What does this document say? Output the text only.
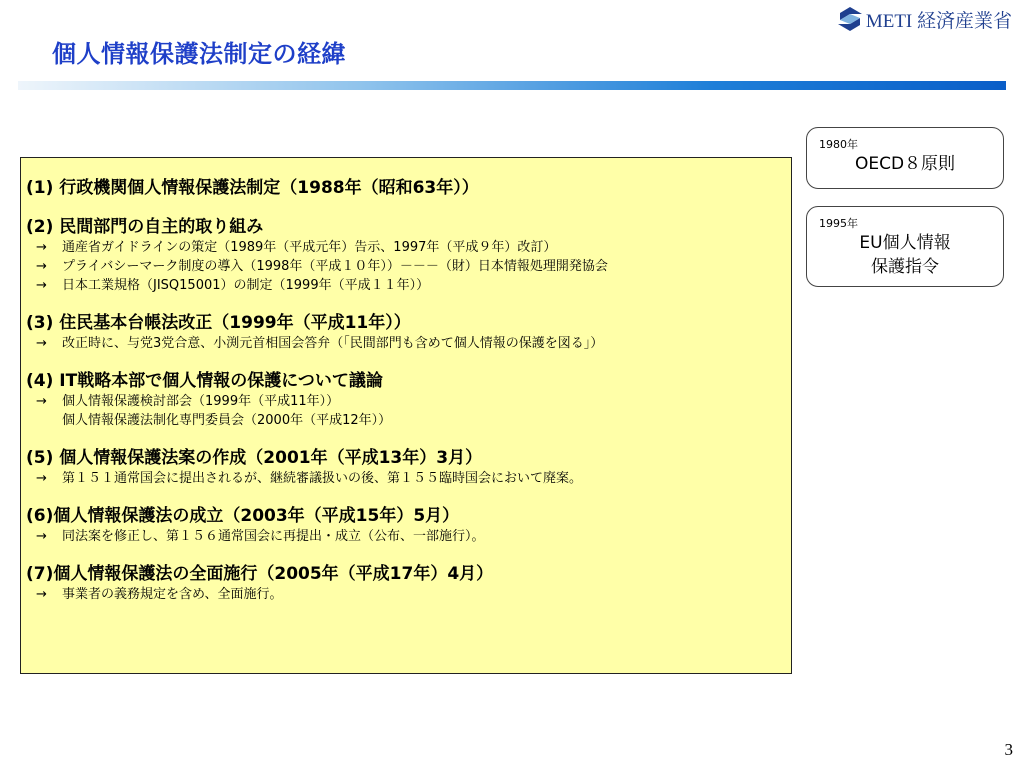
METI 経済産業省
個人情報保護法制定の経緯
(1) 行政機関個人情報保護法制定（1988年（昭和63年））
(2) 民間部門の自主的取り組み
→ 通産省ガイドラインの策定（1989年（平成元年）告示、1997年（平成９年）改訂）
→ プライバシーマーク制度の導入（1998年（平成１０年））－－－（財）日本情報処理開発協会
→ 日本工業規格（JISQ15001）の制定（1999年（平成１１年））
(3) 住民基本台帳法改正（1999年（平成11年））
→ 改正時に、与党3党合意、小渕元首相国会答弁（「民間部門も含めて個人情報の保護を図る」）
(4) IT戦略本部で個人情報の保護について議論
→ 個人情報保護検討部会（1999年（平成11年））
個人情報保護法制化専門委員会（2000年（平成12年））
(5) 個人情報保護法案の作成（2001年（平成13年）3月）
→ 第１５１通常国会に提出されるが、継続審議扱いの後、第１５５臨時国会において廃案。
(6)個人情報保護法の成立（2003年（平成15年）5月）
→ 同法案を修正し、第１５６通常国会に再提出・成立（公布、一部施行）。
(7)個人情報保護法の全面施行（2005年（平成17年）4月）
→ 事業者の義務規定を含め、全面施行。
1980年
OECD８原則
1995年
EU個人情報
保護指令
3
